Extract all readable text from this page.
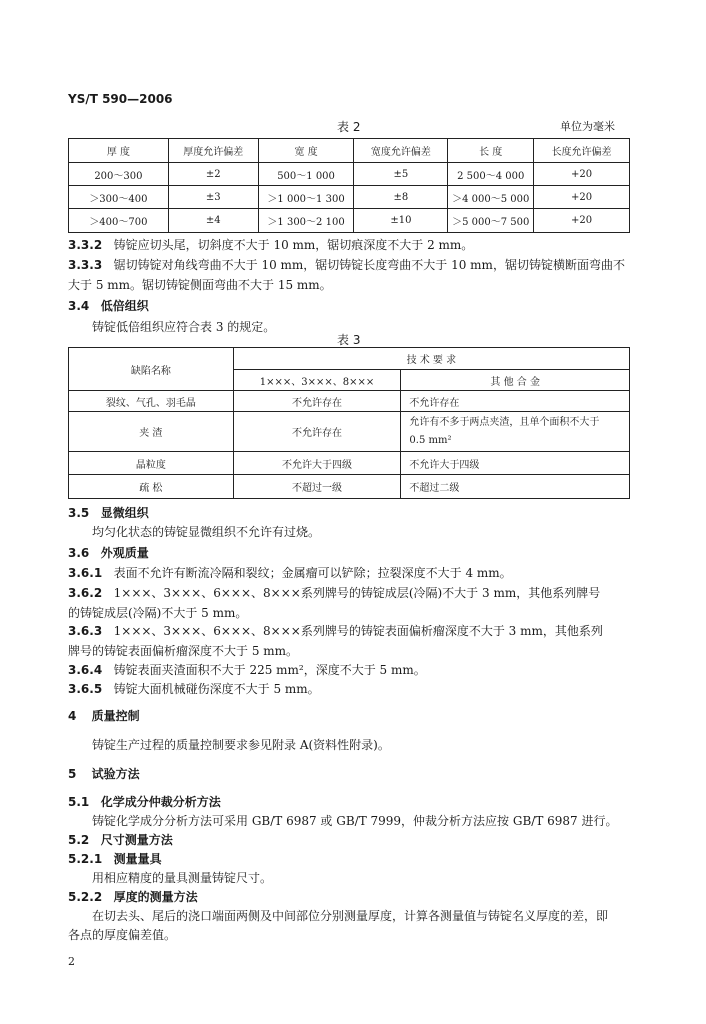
YS/T 590—2006
表 2	单位为毫米
厚 度	厚度允许偏差	宽 度	宽度允许偏差	长 度	长度允许偏差
200～300	±2	500～1 000	±5	2 500～4 000	+20
＞300～400	±3	＞1 000～1 300	±8	＞4 000～5 000	+20
＞400～700	±4	＞1 300～2 100	±10	＞5 000～7 500	+20
3.3.2 铸锭应切头尾，切斜度不大于 10 mm，锯切痕深度不大于 2 mm。
3.3.3 锯切铸锭对角线弯曲不大于 10 mm，锯切铸锭长度弯曲不大于 10 mm，锯切铸锭横断面弯曲不
大于 5 mm。锯切铸锭侧面弯曲不大于 15 mm。
3.4 低倍组织
铸锭低倍组织应符合表 3 的规定。
表 3
缺陷名称	技 术 要 求	
	1×××、3×××、8×××	其 他 合 金
裂纹、气孔、羽毛晶	不允许存在	不允许存在
夹 渣	不允许存在	允许有不多于两点夹渣，且单个面积不大于
0.5 mm²

晶粒度	不允许大于四级	不允许大于四级
疏 松	不超过一级	不超过二级
3.5 显微组织
均匀化状态的铸锭显微组织不允许有过烧。
3.6 外观质量
3.6.1 表面不允许有断流冷隔和裂纹；金属瘤可以铲除；拉裂深度不大于 4 mm。
3.6.2 1×××、3×××、6×××、8×××系列牌号的铸锭成层(冷隔)不大于 3 mm，其他系列牌号
的铸锭成层(冷隔)不大于 5 mm。
3.6.3 1×××、3×××、6×××、8×××系列牌号的铸锭表面偏析瘤深度不大于 3 mm，其他系列
牌号的铸锭表面偏析瘤深度不大于 5 mm。
3.6.4 铸锭表面夹渣面积不大于 225 mm²，深度不大于 5 mm。
3.6.5 铸锭大面机械碰伤深度不大于 5 mm。
4 质量控制
铸锭生产过程的质量控制要求参见附录 A(资料性附录)。
5 试验方法
5.1 化学成分仲裁分析方法
铸锭化学成分分析方法可采用 GB/T 6987 或 GB/T 7999，仲裁分析方法应按 GB/T 6987 进行。
5.2 尺寸测量方法
5.2.1 测量量具
用相应精度的量具测量铸锭尺寸。
5.2.2 厚度的测量方法
在切去头、尾后的浇口端面两侧及中间部位分别测量厚度，计算各测量值与铸锭名义厚度的差，即
各点的厚度偏差值。
2
